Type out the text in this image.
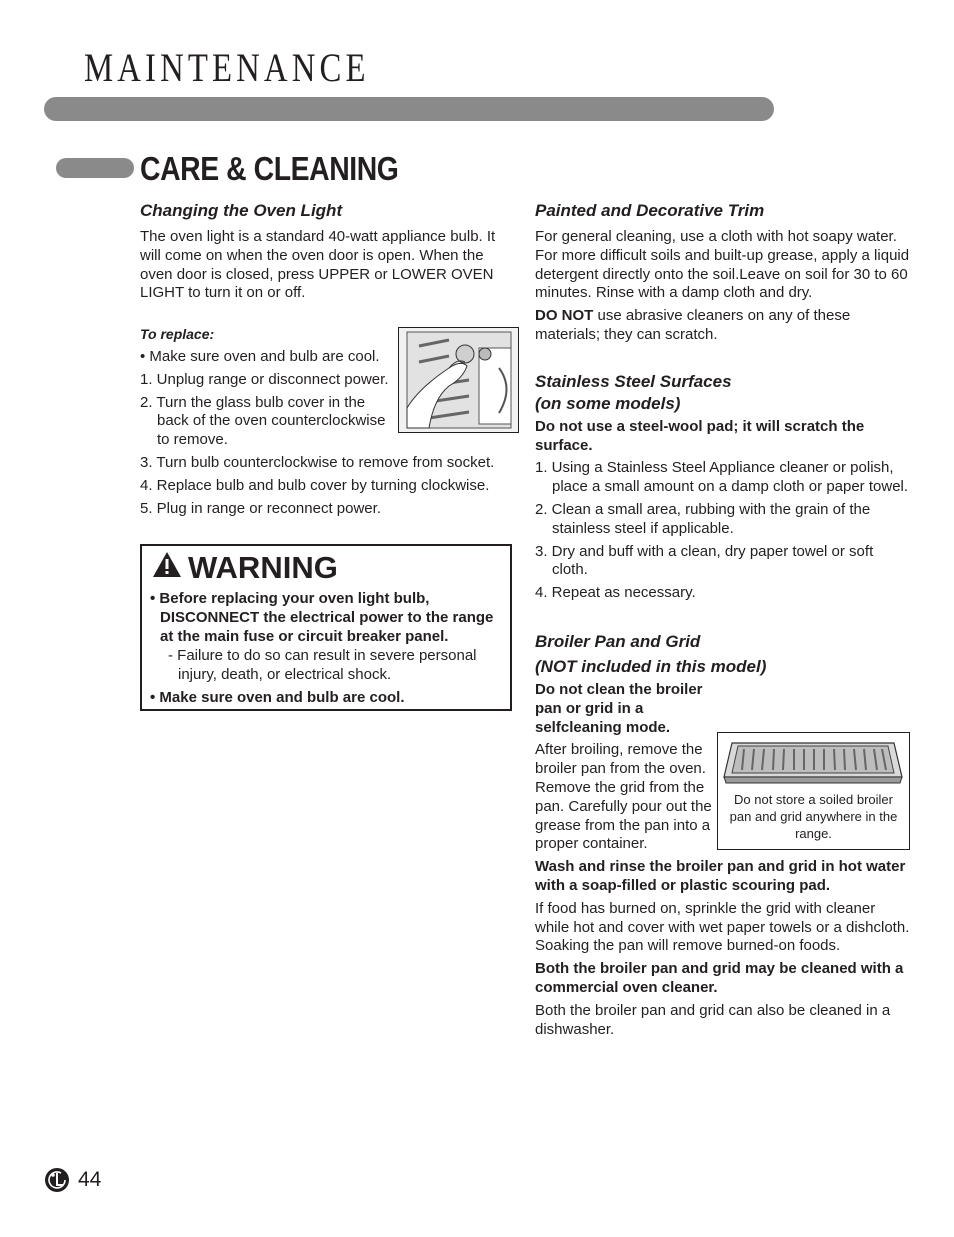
MAINTENANCE
CARE & CLEANING
Changing the Oven Light

The oven light is a standard 40-watt appliance bulb. It will come on when the oven door is open. When the oven door is closed, press UPPER or LOWER OVEN LIGHT to turn it on or off.

To replace:

• Make sure oven and bulb are cool.

1. Unplug range or disconnect power.

2. Turn the glass bulb cover in the back of the oven counterclockwise to remove.

3. Turn bulb counterclockwise to remove from socket.

4. Replace bulb and bulb cover by turning clockwise.

5. Plug in range or reconnect power.

WARNING

• Before replacing your oven light bulb, DISCONNECT the electrical power to the range at the main fuse or circuit breaker panel.

- Failure to do so can result in severe personal injury, death, or electrical shock.

• Make sure oven and bulb are cool.

Painted and Decorative Trim

For general cleaning, use a cloth with hot soapy water. For more difficult soils and built-up grease, apply a liquid detergent directly onto the soil.Leave on soil for 30 to 60 minutes. Rinse with a damp cloth and dry.

DO NOT use abrasive cleaners on any of these materials; they can scratch.

Stainless Steel Surfaces
(on some models)

Do not use a steel-wool pad; it will scratch the surface.

1. Using a Stainless Steel Appliance cleaner or polish, place a small amount on a damp cloth or paper towel.

2. Clean a small area, rubbing with the grain of the stainless steel if applicable.

3. Dry and buff with a clean, dry paper towel or soft cloth.

4. Repeat as necessary.

Broiler Pan and Grid
(NOT included in this model)

Do not clean the broiler pan or grid in a selfcleaning mode.

After broiling, remove the broiler pan from the oven. Remove the grid from the pan. Carefully pour out the grease from the pan into a proper container.

Wash and rinse the broiler pan and grid in hot water with a soap-filled or plastic scouring pad.

If food has burned on, sprinkle the grid with cleaner while hot and cover with wet paper towels or a dishcloth. Soaking the pan will remove burned-on foods.

Both the broiler pan and grid may be cleaned with a commercial oven cleaner.

Both the broiler pan and grid can also be cleaned in a dishwasher.

Do not store a soiled broiler pan and grid anywhere in the range.
44
